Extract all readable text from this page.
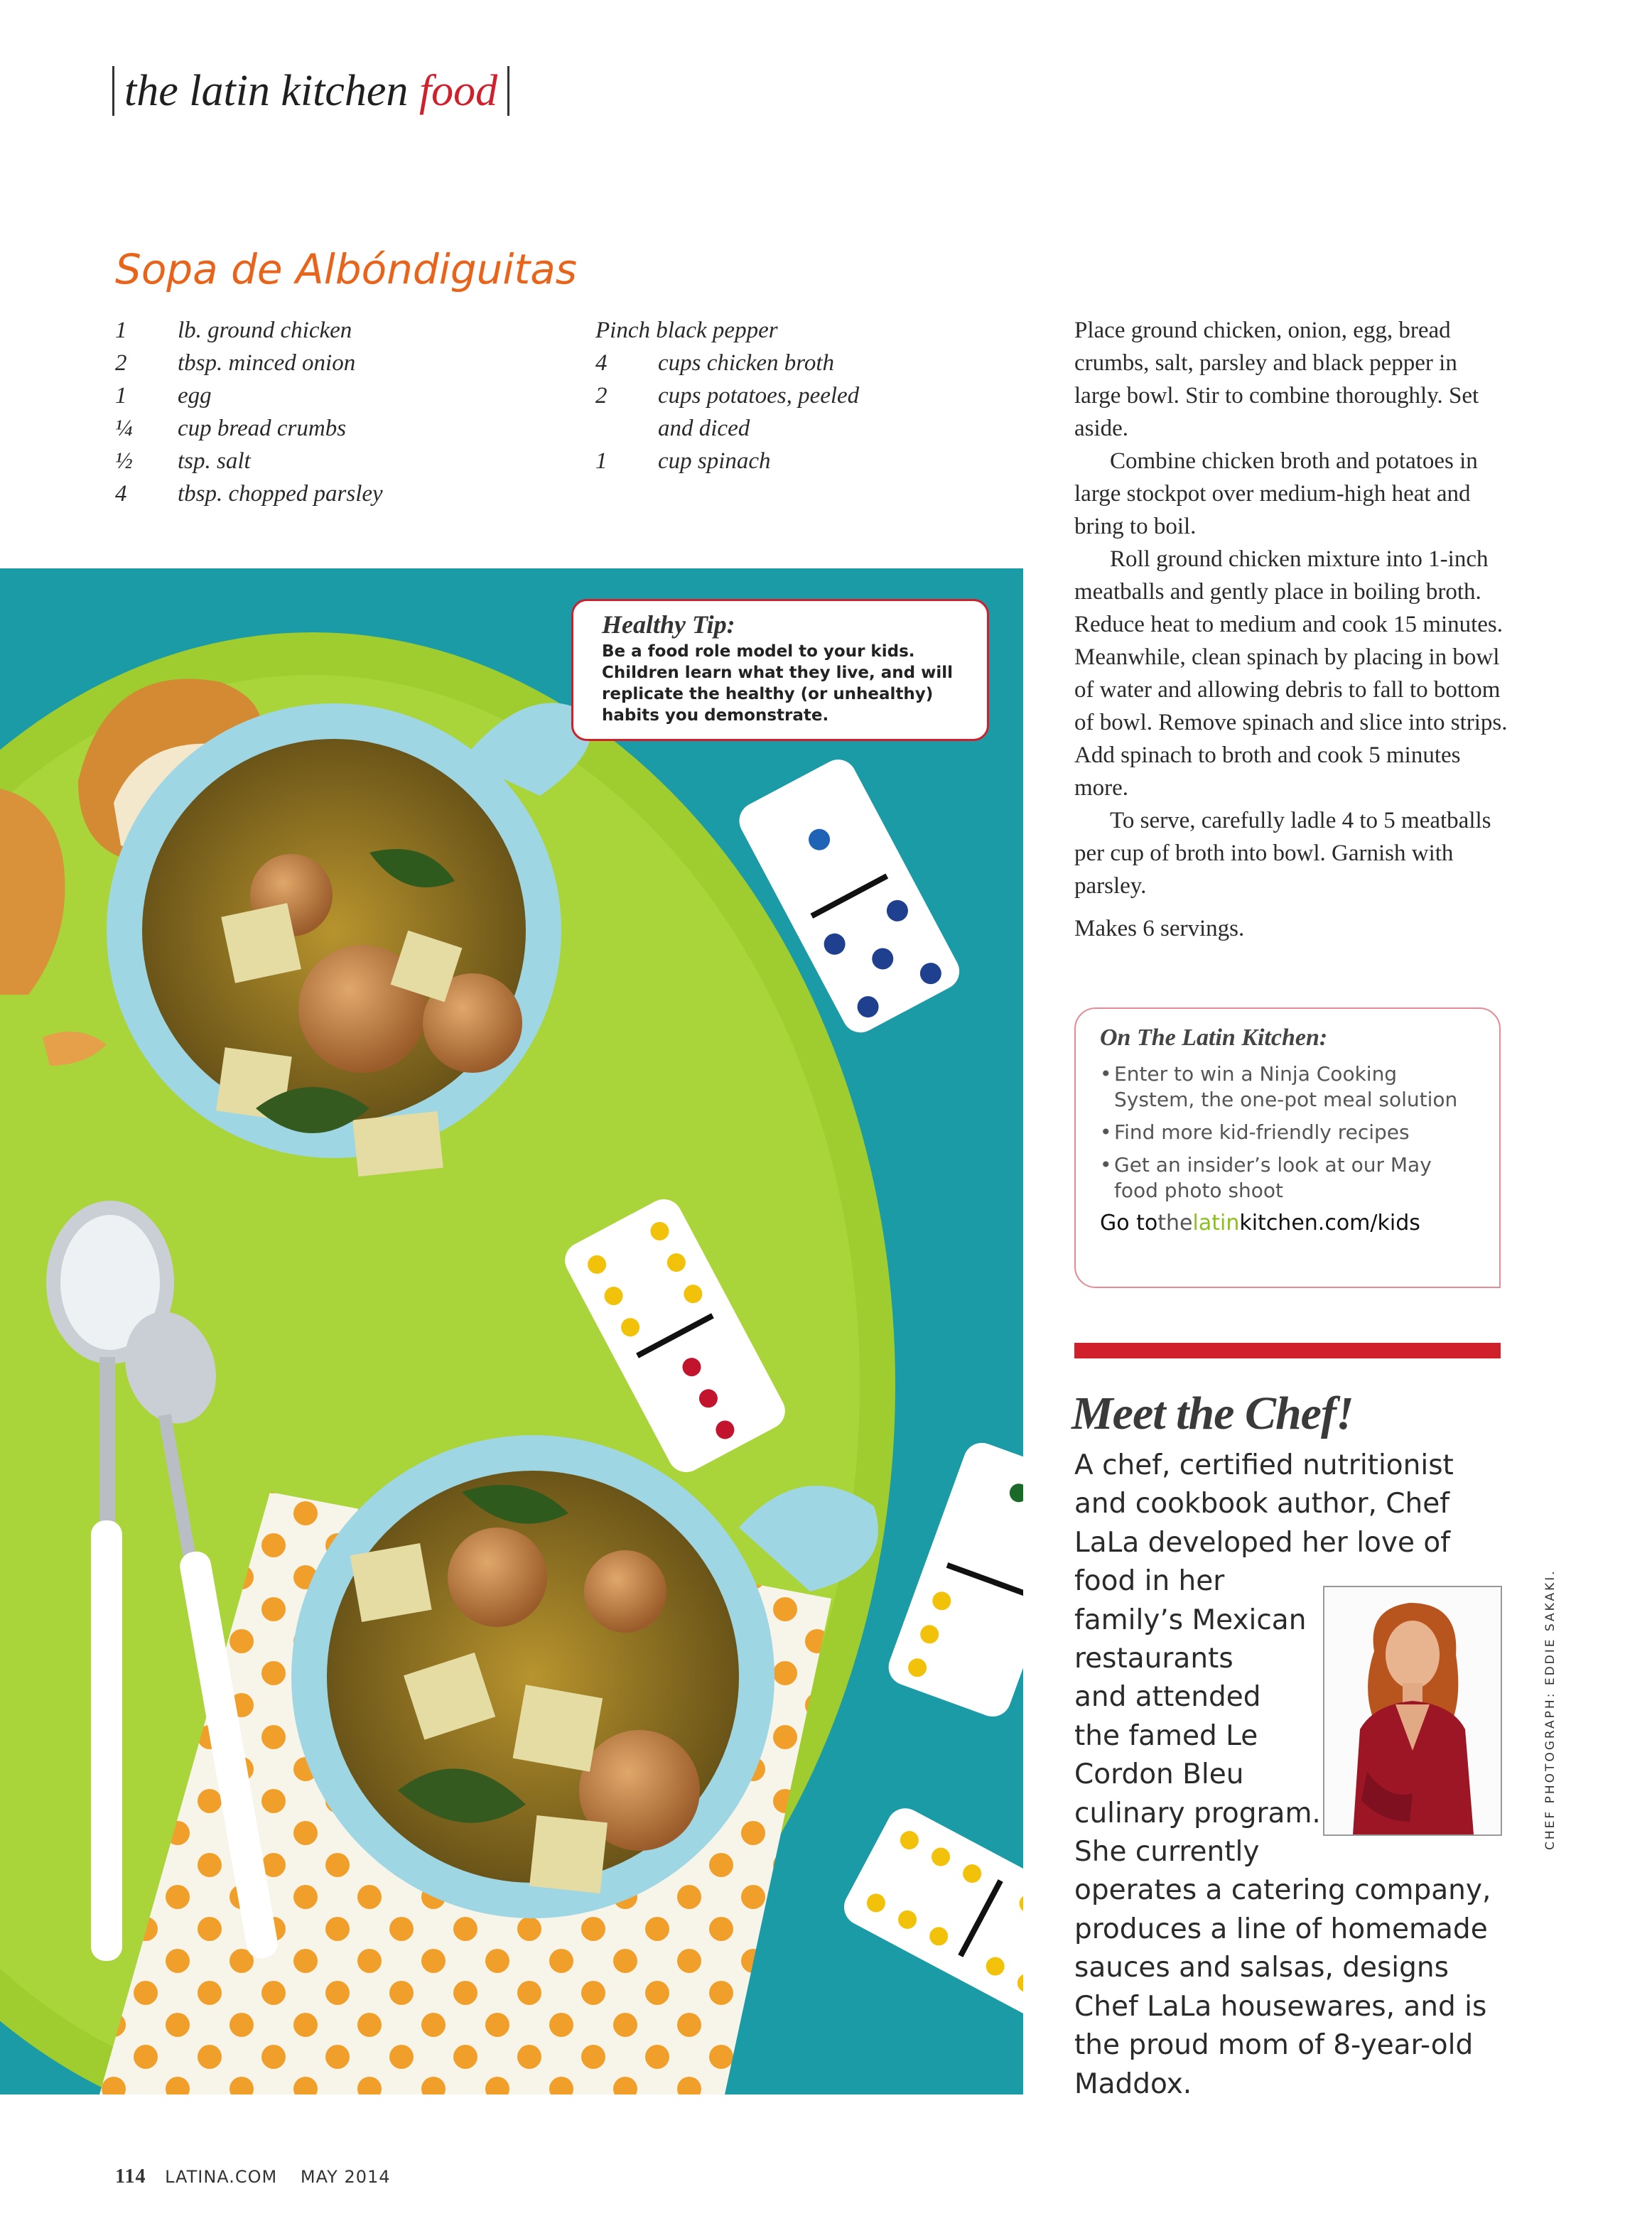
the latin kitchen food
Sopa de Albóndiguitas
1	lb. ground chicken
2	tbsp. minced onion
1	egg
¼	cup bread crumbs
½	tsp. salt
4	tbsp. chopped parsley
Pinch black pepper
4	cups chicken broth
2	cups potatoes, peeled and diced
1	cup spinach

Place ground chicken, onion, egg, bread crumbs, salt, parsley and black pepper in large bowl. Stir to combine thoroughly. Set aside.

Combine chicken broth and potatoes in large stockpot over medium-high heat and bring to boil.

Roll ground chicken mixture into 1-inch meatballs and gently place in boiling broth. Reduce heat to medium and cook 15 minutes. Meanwhile, clean spinach by placing in bowl of water and allowing debris to fall to bottom of bowl. Remove spinach and slice into strips. Add spinach to broth and cook 5 minutes more.

To serve, carefully ladle 4 to 5 meatballs per cup of broth into bowl. Garnish with parsley.

Makes 6 servings.

Healthy Tip:
Be a food role model to your kids. Children learn what they live, and will replicate the healthy (or unhealthy) habits you demonstrate.
On The Latin Kitchen:
• Enter to win a Ninja Cooking System, the one-pot meal solution
• Find more kid-friendly recipes
• Get an insider’s look at our May food photo shoot
Go tothelatinkitchen.com/kids
Meet the Chef!
A chef, certified nutritionist
and cookbook author, Chef
LaLa developed her love of
food in her
family’s Mexican
restaurants
and attended
the famed Le
Cordon Bleu
culinary program.
She currently
operates a catering company,
produces a line of homemade
sauces and salsas, designs
Chef LaLa housewares, and is
the proud mom of 8-year-old
Maddox.
CHEF PHOTOGRAPH: EDDIE SAKAKI.
114 LATINA.COM MAY 2014
